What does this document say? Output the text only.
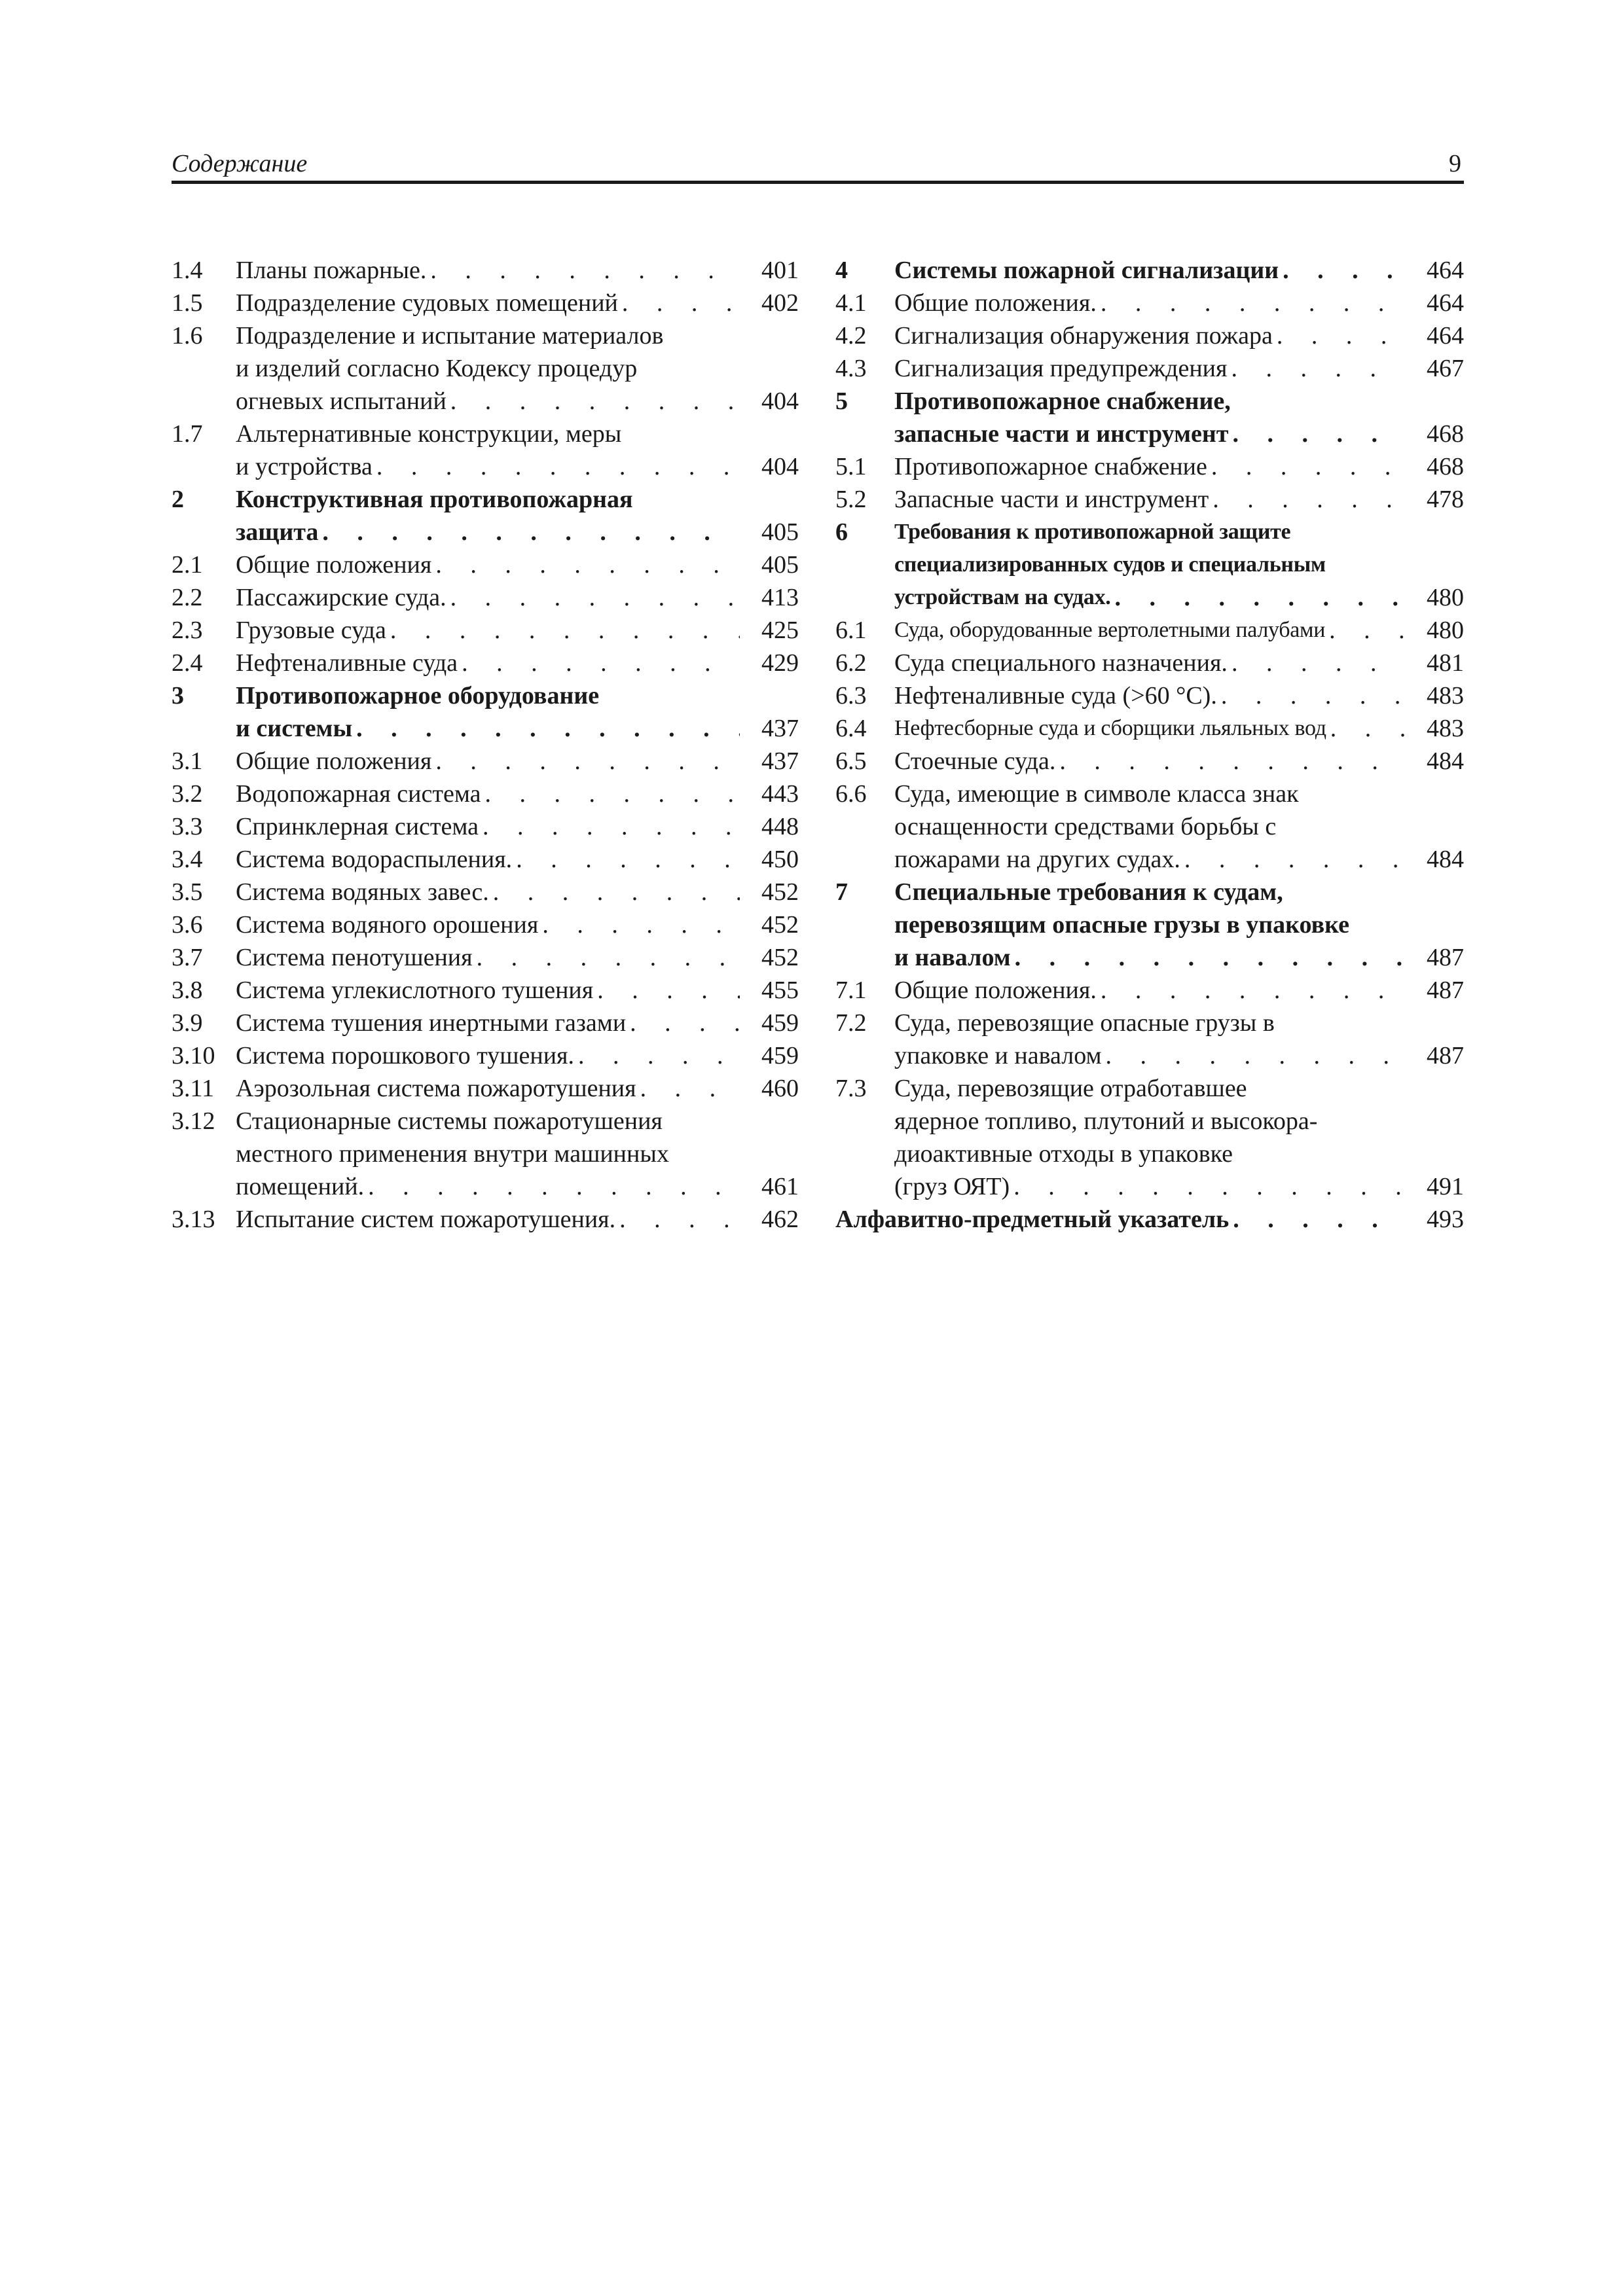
Содержание	9
1.4	Планы пожарные. . . .	401
1.5	Подразделение судовых помещений . . .	402
1.6	Подразделение и испытание материалов
и изделий согласно Кодексу процедур
огневых испытаний . . .	404
1.7	Альтернативные конструкции, меры
и устройства . . .	404
2	Конструктивная противопожарная
защита . . .	405
2.1	Общие положения . . .	405
2.2	Пассажирские суда. . . .	413
2.3	Грузовые суда . . .	425
2.4	Нефтеналивные суда . . .	429
3	Противопожарное оборудование
и системы . . .	437
3.1	Общие положения . . .	437
3.2	Водопожарная система . . .	443
3.3	Спринклерная система . . .	448
3.4	Система водораспыления. . . .	450
3.5	Система водяных завес. . . .	452
3.6	Система водяного орошения . . .	452
3.7	Система пенотушения . . .	452
3.8	Система углекислотного тушения . . .	455
3.9	Система тушения инертными газами . . .	459
3.10 Система порошкового тушения. . . .	459
3.11 Аэрозольная система пожаротушения . . .	460
3.12 Стационарные системы пожаротушения
местного применения внутри машинных
помещений. . . .	461
3.13 Испытание систем пожаротушения. . . .	462
4	Системы пожарной сигнализации . . .	464
4.1	Общие положения. . . .	464
4.2	Сигнализация обнаружения пожара . . .	464
4.3	Сигнализация предупреждения . . .	467
5	Противопожарное снабжение,
запасные части и инструмент . . .	468
5.1	Противопожарное снабжение . . .	468
5.2	Запасные части и инструмент . . .	478
6	Требования к противопожарной защите
специализированных судов и специальным
устройствам на судах. . . .	480
6.1	Суда, оборудованные вертолетными палубами . . .	480
6.2	Суда специального назначения. . . .	481
6.3	Нефтеналивные суда (>60 °C). . . .	483
6.4	Нефтесборные суда и сборщики льяльных вод . . .	483
6.5	Стоечные суда. . . .	484
6.6	Суда, имеющие в символе класса знак
оснащенности средствами борьбы с
пожарами на других судах. . . .	484
7	Специальные требования к судам,
перевозящим опасные грузы в упаковке
и навалом . . .	487
7.1	Общие положения. . . .	487
7.2	Суда, перевозящие опасные грузы в
упаковке и навалом . . .	487
7.3	Суда, перевозящие отработавшее
ядерное топливо, плутоний и высокора-
диоактивные отходы в упаковке
(груз ОЯТ) . . .	491
Алфавитно-предметный указатель . . .	493
